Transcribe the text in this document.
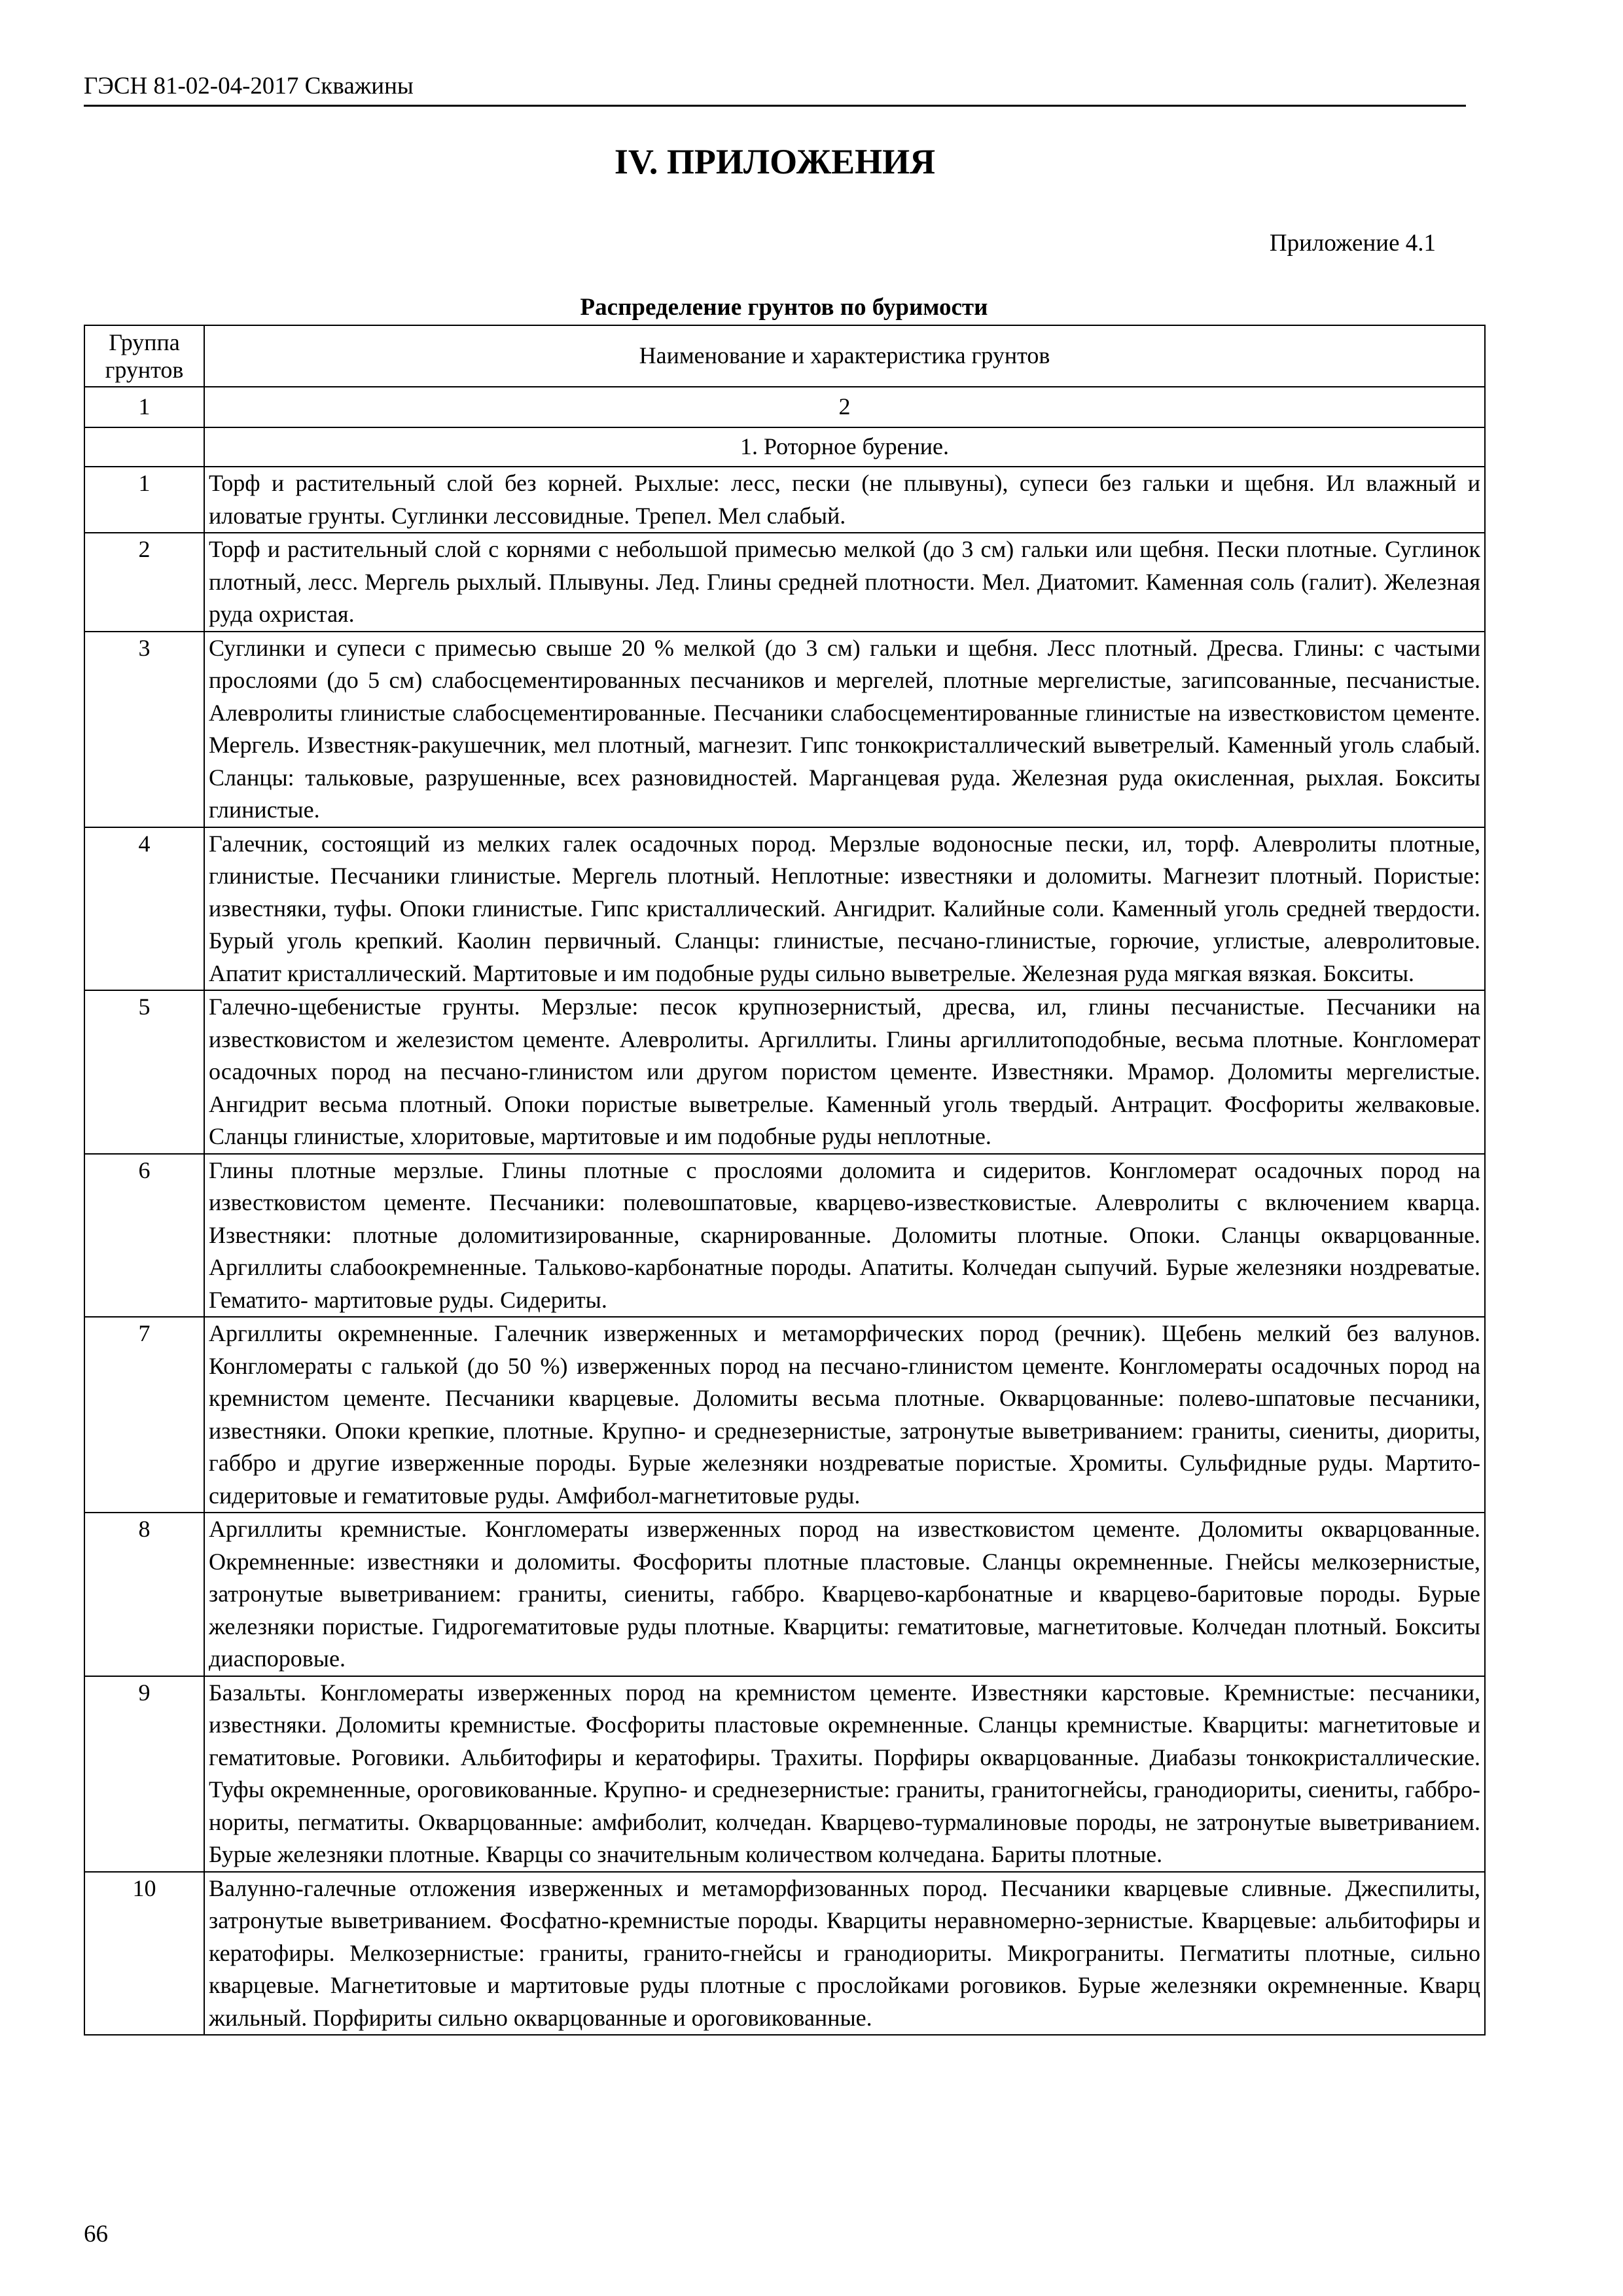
ГЭСН 81-02-04-2017 Скважины
IV. ПРИЛОЖЕНИЯ
Приложение 4.1
Распределение грунтов по буримости
Группа грунтов	Наименование и характеристика грунтов
1	2
	1. Роторное бурение.
1	Торф и растительный слой без корней. Рыхлые: лесс, пески (не плывуны), супеси без гальки и щебня. Ил влажный и иловатые грунты. Суглинки лессовидные. Трепел. Мел слабый.
2	Торф и растительный слой с корнями с небольшой примесью мелкой (до 3 см) гальки или щебня. Пески плотные. Суглинок плотный, лесс. Мергель рыхлый. Плывуны. Лед. Глины средней плотности. Мел. Диатомит. Каменная соль (галит). Железная руда охристая.
3	Суглинки и супеси с примесью свыше 20 % мелкой (до 3 см) гальки и щебня. Лесс плотный. Дресва. Глины: с частыми прослоями (до 5 см) слабосцементированных песчаников и мергелей, плотные мергелистые, загипсованные, песчанистые. Алевролиты глинистые слабосцементированные. Песчаники слабосцементированные глинистые на известковистом цементе. Мергель. Известняк-ракушечник, мел плотный, магнезит. Гипс тонкокристаллический выветрелый. Каменный уголь слабый. Сланцы: тальковые, разрушенные, всех разновидностей. Марганцевая руда. Железная руда окисленная, рыхлая. Бокситы глинистые.
4	Галечник, состоящий из мелких галек осадочных пород. Мерзлые водоносные пески, ил, торф. Алевролиты плотные, глинистые. Песчаники глинистые. Мергель плотный. Неплотные: известняки и доломиты. Магнезит плотный. Пористые: известняки, туфы. Опоки глинистые. Гипс кристаллический. Ангидрит. Калийные соли. Каменный уголь средней твердости. Бурый уголь крепкий. Каолин первичный. Сланцы: глинистые, песчано-глинистые, горючие, углистые, алевролитовые. Апатит кристаллический. Мартитовые и им подобные руды сильно выветрелые. Железная руда мягкая вязкая. Бокситы.
5	Галечно-щебенистые грунты. Мерзлые: песок крупнозернистый, дресва, ил, глины песчанистые. Песчаники на известковистом и железистом цементе. Алевролиты. Аргиллиты. Глины аргиллитоподобные, весьма плотные. Конгломерат осадочных пород на песчано-глинистом или другом пористом цементе. Известняки. Мрамор. Доломиты мергелистые. Ангидрит весьма плотный. Опоки пористые выветрелые. Каменный уголь твердый. Антрацит. Фосфориты желваковые. Сланцы глинистые, хлоритовые, мартитовые и им подобные руды неплотные.
6	Глины плотные мерзлые. Глины плотные с прослоями доломита и сидеритов. Конгломерат осадочных пород на известковистом цементе. Песчаники: полевошпатовые, кварцево-известковистые. Алевролиты с включением кварца. Известняки: плотные доломитизированные, скарнированные. Доломиты плотные. Опоки. Сланцы окварцованные. Аргиллиты слабоокремненные. Тальково-карбонатные породы. Апатиты. Колчедан сыпучий. Бурые железняки ноздреватые. Гематито- мартитовые руды. Сидериты.
7	Аргиллиты окремненные. Галечник изверженных и метаморфических пород (речник). Щебень мелкий без валунов. Конгломераты с галькой (до 50 %) изверженных пород на песчано-глинистом цементе. Конгломераты осадочных пород на кремнистом цементе. Песчаники кварцевые. Доломиты весьма плотные. Окварцованные: полево-шпатовые песчаники, известняки. Опоки крепкие, плотные. Крупно- и среднезернистые, затронутые выветриванием: граниты, сиениты, диориты, габбро и другие изверженные породы. Бурые железняки ноздреватые пористые. Хромиты. Сульфидные руды. Мартито-сидеритовые и гематитовые руды. Амфибол-магнетитовые руды.
8	Аргиллиты кремнистые. Конгломераты изверженных пород на известковистом цементе. Доломиты окварцованные. Окремненные: известняки и доломиты. Фосфориты плотные пластовые. Сланцы окремненные. Гнейсы мелкозернистые, затронутые выветриванием: граниты, сиениты, габбро. Кварцево-карбонатные и кварцево-баритовые породы. Бурые железняки пористые. Гидрогематитовые руды плотные. Кварциты: гематитовые, магнетитовые. Колчедан плотный. Бокситы диаспоровые.
9	Базальты. Конгломераты изверженных пород на кремнистом цементе. Известняки карстовые. Кремнистые: песчаники, известняки. Доломиты кремнистые. Фосфориты пластовые окремненные. Сланцы кремнистые. Кварциты: магнетитовые и гематитовые. Роговики. Альбитофиры и кератофиры. Трахиты. Порфиры окварцованные. Диабазы тонкокристаллические. Туфы окремненные, ороговикованные. Крупно- и среднезернистые: граниты, гранитогнейсы, гранодиориты, сиениты, габбро-нориты, пегматиты. Окварцованные: амфиболит, колчедан. Кварцево-турмалиновые породы, не затронутые выветриванием. Бурые железняки плотные. Кварцы со значительным количеством колчедана. Бариты плотные.
10	Валунно-галечные отложения изверженных и метаморфизованных пород. Песчаники кварцевые сливные. Джеспилиты, затронутые выветриванием. Фосфатно-кремнистые породы. Кварциты неравномерно-зернистые. Кварцевые: альбитофиры и кератофиры. Мелкозернистые: граниты, гранито-гнейсы и гранодиориты. Микрограниты. Пегматиты плотные, сильно кварцевые. Магнетитовые и мартитовые руды плотные с прослойками роговиков. Бурые железняки окремненные. Кварц жильный. Порфириты сильно окварцованные и ороговикованные.
66
